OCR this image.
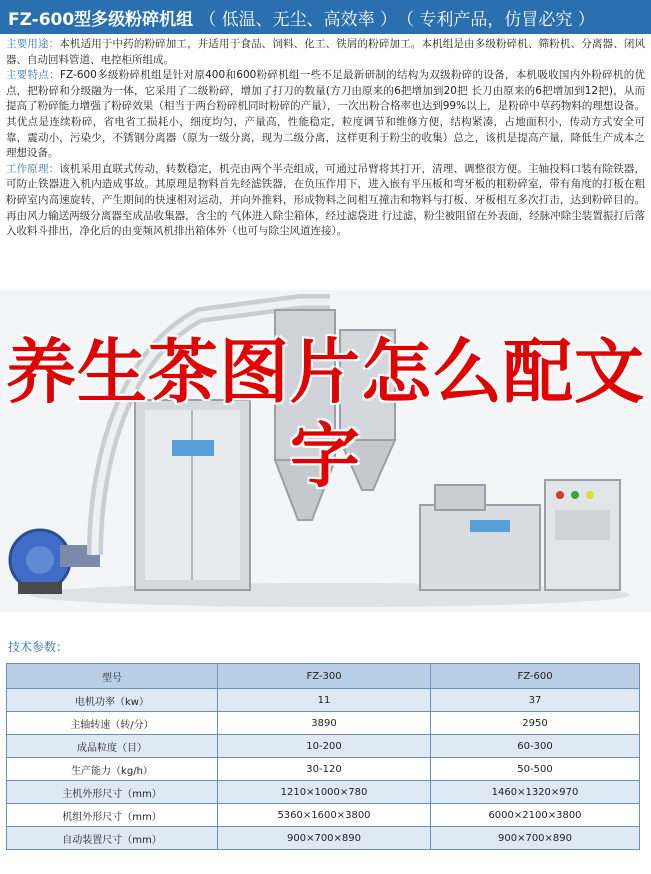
FZ-600型多级粉碎机组 （ 低温、无尘、高效率 ） （ 专利产品，仿冒必究 ）

主要用途：本机适用于中药的粉碎加工，并适用于食品、饲料、化工、铁屑的粉碎加工。本机组是由多级粉碎机、筛粉机、分离器、闭风器、自动回料管道、电控柜所组成。

主要特点：FZ-600多级粉碎机组是针对原400和600粉碎机组一些不足最新研制的结构为双级粉碎的设备，本机吸收国内外粉碎机的优点，把粉碎和分级融为一体，它采用了二级粉碎，增加了打刀的数量(方刀由原来的6把增加到20把 长刀由原来的6把增加到12把)，从而提高了粉碎能力增强了粉碎效果（相当于两台粉碎机同时粉碎的产量），一次出粉合格率也达到99%以上，是粉碎中草药物料的理想设备。其优点是连续粉碎，省电省工损耗小，细度均匀，产量高，性能稳定，粒度调节和维修方便，结构紧凑，占地面积小，传动方式安全可靠，震动小，污染少，不锈钢分离器（原为一级分离，现为二级分离，这样更利于粉尘的收集）总之，该机是提高产量，降低生产成本之理想设备。

工作原理：该机采用直联式传动，转数稳定，机壳由两个半壳组成，可通过吊臂将其打开，清理、调整很方便。主轴投料口装有除铁器，可防止铁器进入机内造成事故。其原理是物料首先经滤铁器，在负压作用下，进入嵌有平压板和弯牙板的粗粉碎室，带有角度的打板在粗粉碎室内高速旋转，产生期间的快速相对运动，并向外推料，形成物料之间相互撞击和物料与打板、牙板相互多次打击，达到粉碎目的。再由风力输送两级分离器至成品收集器，含尘的 气体进入除尘箱体，经过滤袋进 行过滤，粉尘被阻留在外表面，经脉冲除尘装置振打后落入收料斗排出，净化后的由变频风机排出箱体外（也可与除尘风道连接）。

养生茶图片怎么配文字
技术参数：
型号	FZ-300	FZ-600
电机功率（kw）	11	37
主轴转速（转/分）	3890	2950
成品粒度（目）	10-200	60-300
生产能力（kg/h）	30-120	50-500
主机外形尺寸（mm）	1210×1000×780	1460×1320×970
机组外形尺寸（mm）	5360×1600×3800	6000×2100×3800
自动装置尺寸（mm）	900×700×890	900×700×890
